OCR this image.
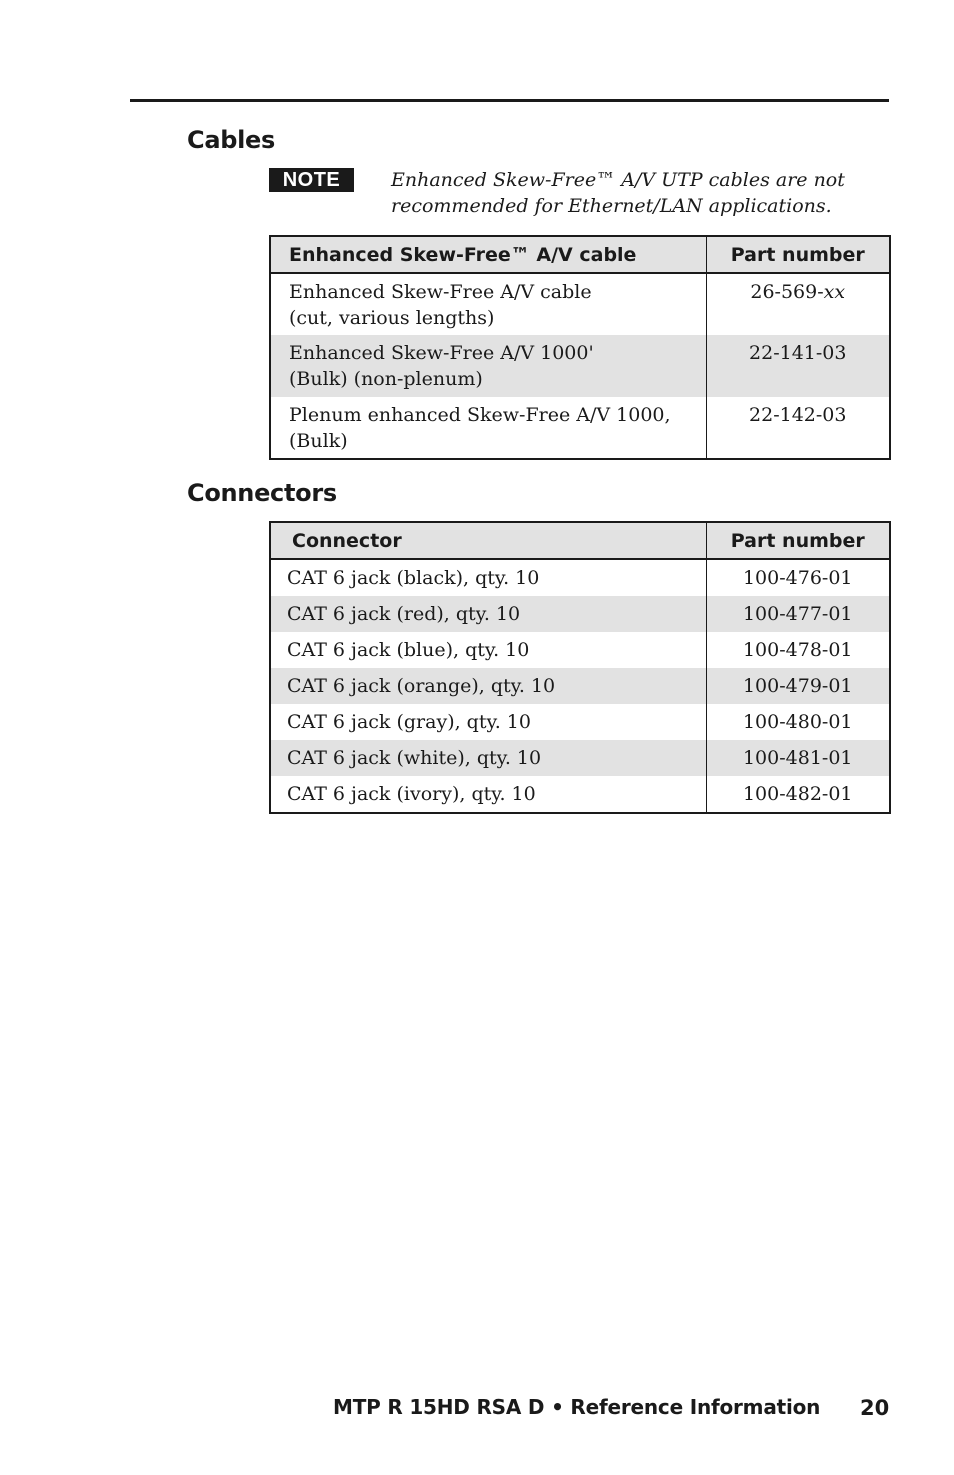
Cables
NOTE	Enhanced Skew-Free™ A/V UTP cables are not
recommended for Ethernet/LAN applications.
Enhanced Skew-Free™ A/V cable	Part number

Enhanced Skew-Free A/V cable
(cut, various lengths)	26-569-xx

Enhanced Skew-Free A/V 1000'
(Bulk) (non-plenum)	22-141-03

Plenum enhanced Skew-Free A/V 1000,
(Bulk)	22-142-03
Connectors
Connector	Part number
CAT 6 jack (black), qty. 10	100-476-01
CAT 6 jack (red), qty. 10	100-477-01
CAT 6 jack (blue), qty. 10	100-478-01
CAT 6 jack (orange), qty. 10	100-479-01
CAT 6 jack (gray), qty. 10	100-480-01
CAT 6 jack (white), qty. 10	100-481-01
CAT 6 jack (ivory), qty. 10	100-482-01
MTP R 15HD RSA D • Reference Information 20
